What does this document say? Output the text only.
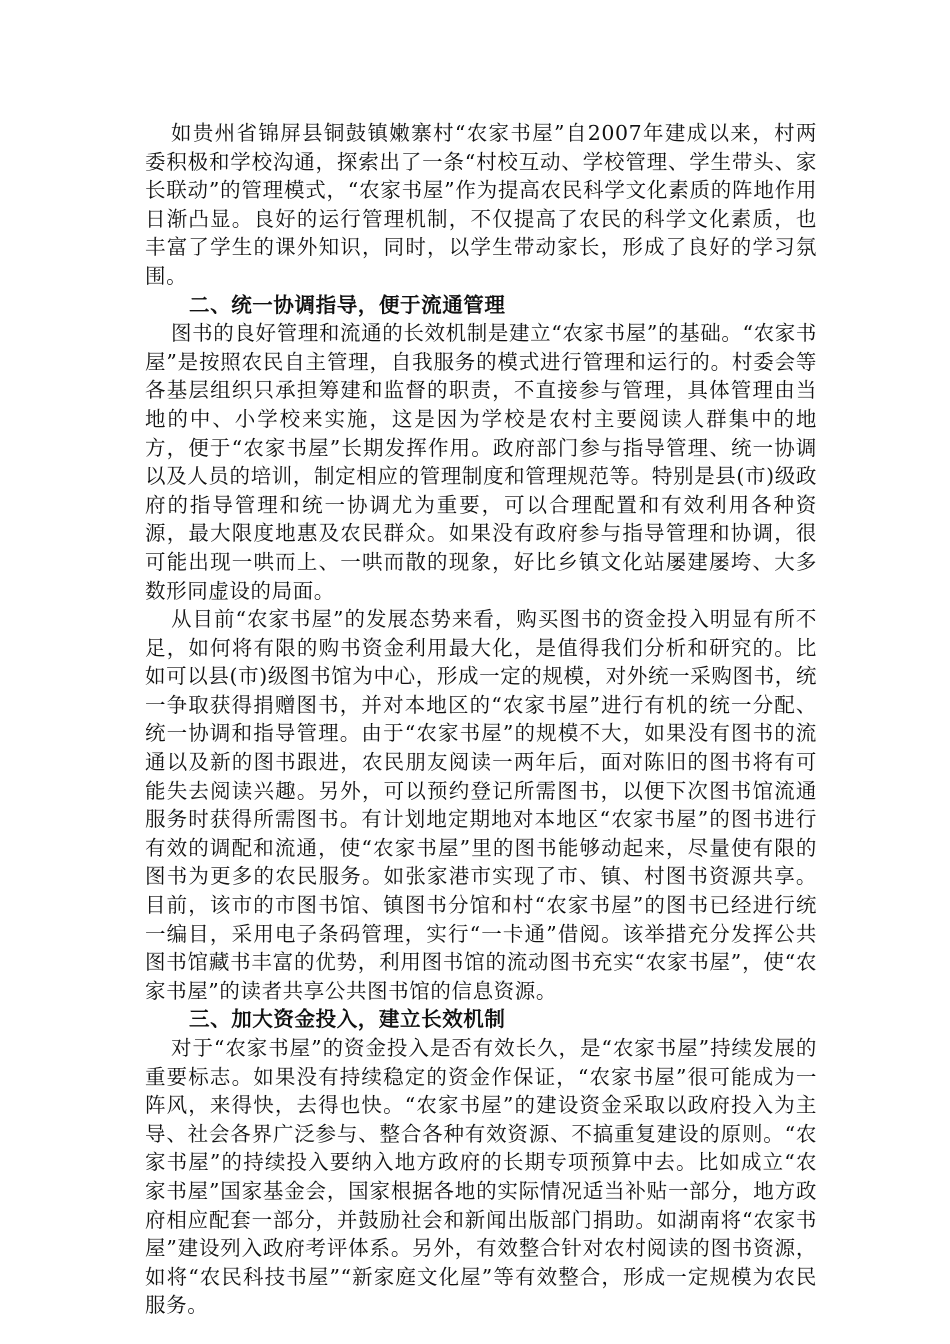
如贵州省锦屏县铜鼓镇嫩寨村“农家书屋”自2007年建成以来，村两委积极和学校沟通，探索出了一条“村校互动、学校管理、学生带头、家长联动”的管理模式，“农家书屋”作为提高农民科学文化素质的阵地作用日渐凸显。良好的运行管理机制，不仅提高了农民的科学文化素质，也丰富了学生的课外知识，同时，以学生带动家长，形成了良好的学习氛围。

二、统一协调指导，便于流通管理

图书的良好管理和流通的长效机制是建立“农家书屋”的基础。“农家书屋”是按照农民自主管理，自我服务的模式进行管理和运行的。村委会等各基层组织只承担筹建和监督的职责，不直接参与管理，具体管理由当地的中、小学校来实施，这是因为学校是农村主要阅读人群集中的地方，便于“农家书屋”长期发挥作用。政府部门参与指导管理、统一协调以及人员的培训，制定相应的管理制度和管理规范等。特别是县(市)级政府的指导管理和统一协调尤为重要，可以合理配置和有效利用各种资源，最大限度地惠及农民群众。如果没有政府参与指导管理和协调，很可能出现一哄而上、一哄而散的现象，好比乡镇文化站屡建屡垮、大多数形同虚设的局面。

从目前“农家书屋”的发展态势来看，购买图书的资金投入明显有所不足，如何将有限的购书资金利用最大化，是值得我们分析和研究的。比如可以县(市)级图书馆为中心，形成一定的规模，对外统一采购图书，统一争取获得捐赠图书，并对本地区的“农家书屋”进行有机的统一分配、统一协调和指导管理。由于“农家书屋”的规模不大，如果没有图书的流通以及新的图书跟进，农民朋友阅读一两年后，面对陈旧的图书将有可能失去阅读兴趣。另外，可以预约登记所需图书，以便下次图书馆流通服务时获得所需图书。有计划地定期地对本地区“农家书屋”的图书进行有效的调配和流通，使“农家书屋”里的图书能够动起来，尽量使有限的图书为更多的农民服务。如张家港市实现了市、镇、村图书资源共享。目前，该市的市图书馆、镇图书分馆和村“农家书屋”的图书已经进行统一编目，采用电子条码管理，实行“一卡通”借阅。该举措充分发挥公共图书馆藏书丰富的优势，利用图书馆的流动图书充实“农家书屋”，使“农家书屋”的读者共享公共图书馆的信息资源。

三、加大资金投入，建立长效机制

对于“农家书屋”的资金投入是否有效长久，是“农家书屋”持续发展的重要标志。如果没有持续稳定的资金作保证，“农家书屋”很可能成为一阵风，来得快，去得也快。“农家书屋”的建设资金采取以政府投入为主导、社会各界广泛参与、整合各种有效资源、不搞重复建设的原则。“农家书屋”的持续投入要纳入地方政府的长期专项预算中去。比如成立“农家书屋”国家基金会，国家根据各地的实际情况适当补贴一部分，地方政府相应配套一部分，并鼓励社会和新闻出版部门捐助。如湖南将“农家书屋”建设列入政府考评体系。另外，有效整合针对农村阅读的图书资源，如将“农民科技书屋”“新家庭文化屋”等有效整合，形成一定规模为农民服务。
